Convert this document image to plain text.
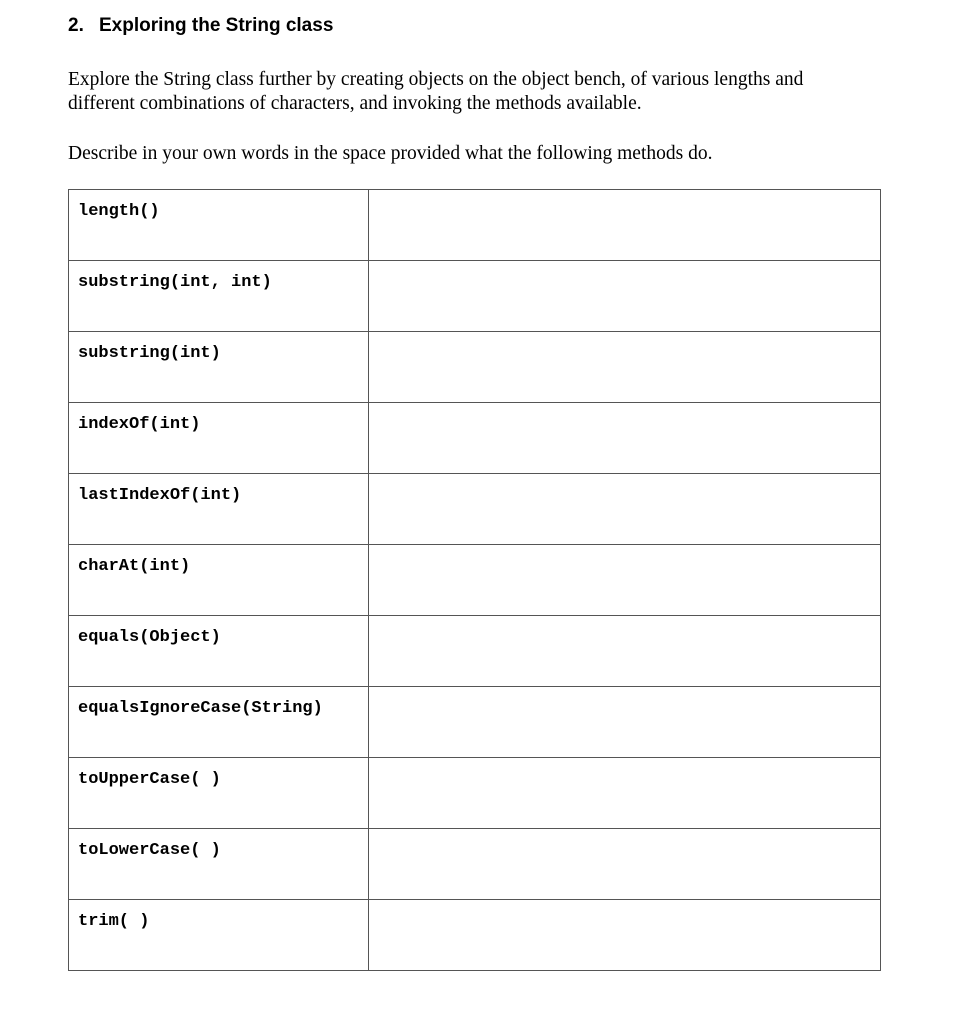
2. Exploring the String class

Explore the String class further by creating objects on the object bench, of various lengths and different combinations of characters, and invoking the methods available.

Describe in your own words in the space provided what the following methods do.

length()	

substring(int, int)	

substring(int)	

indexOf(int)	

lastIndexOf(int)	

charAt(int)	

equals(Object)	

equalsIgnoreCase(String)	

toUpperCase( )	

toLowerCase( )	

trim( )	
